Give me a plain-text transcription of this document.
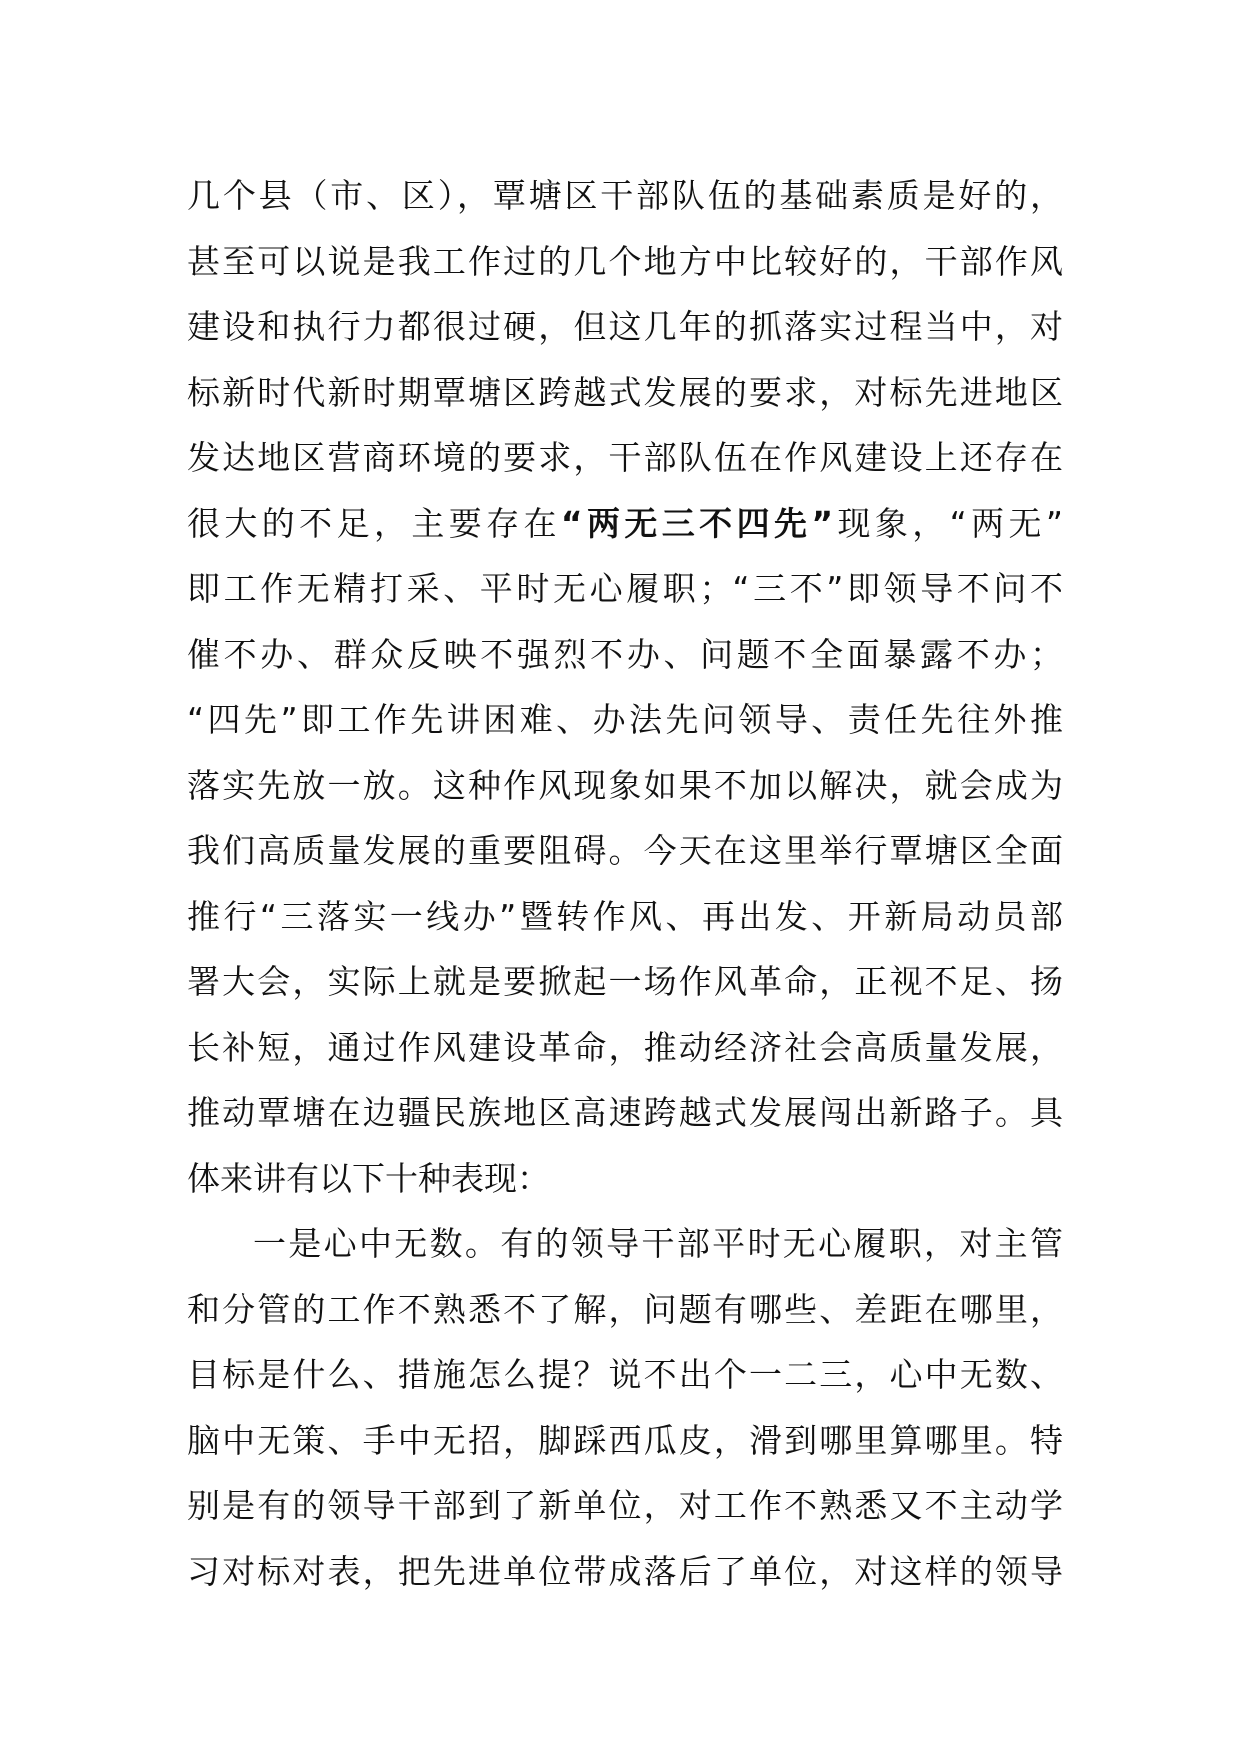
几个县（市、区），覃塘区干部队伍的基础素质是好的，
甚至可以说是我工作过的几个地方中比较好的，干部作风
建设和执行力都很过硬，但这几年的抓落实过程当中，对
标新时代新时期覃塘区跨越式发展的要求，对标先进地区
发达地区营商环境的要求，干部队伍在作风建设上还存在
很大的不足，主要存在“两无三不四先”现象，“两无”
即工作无精打采、平时无心履职；“三不”即领导不问不
催不办、群众反映不强烈不办、问题不全面暴露不办；
“四先”即工作先讲困难、办法先问领导、责任先往外推
落实先放一放。这种作风现象如果不加以解决，就会成为
我们高质量发展的重要阻碍。今天在这里举行覃塘区全面
推行“三落实一线办”暨转作风、再出发、开新局动员部
署大会，实际上就是要掀起一场作风革命，正视不足、扬
长补短，通过作风建设革命，推动经济社会高质量发展，
推动覃塘在边疆民族地区高速跨越式发展闯出新路子。具
体来讲有以下十种表现：
一是心中无数。有的领导干部平时无心履职，对主管
和分管的工作不熟悉不了解，问题有哪些、差距在哪里，
目标是什么、措施怎么提？说不出个一二三，心中无数、
脑中无策、手中无招，脚踩西瓜皮，滑到哪里算哪里。特
别是有的领导干部到了新单位，对工作不熟悉又不主动学
习对标对表，把先进单位带成落后了单位，对这样的领导
